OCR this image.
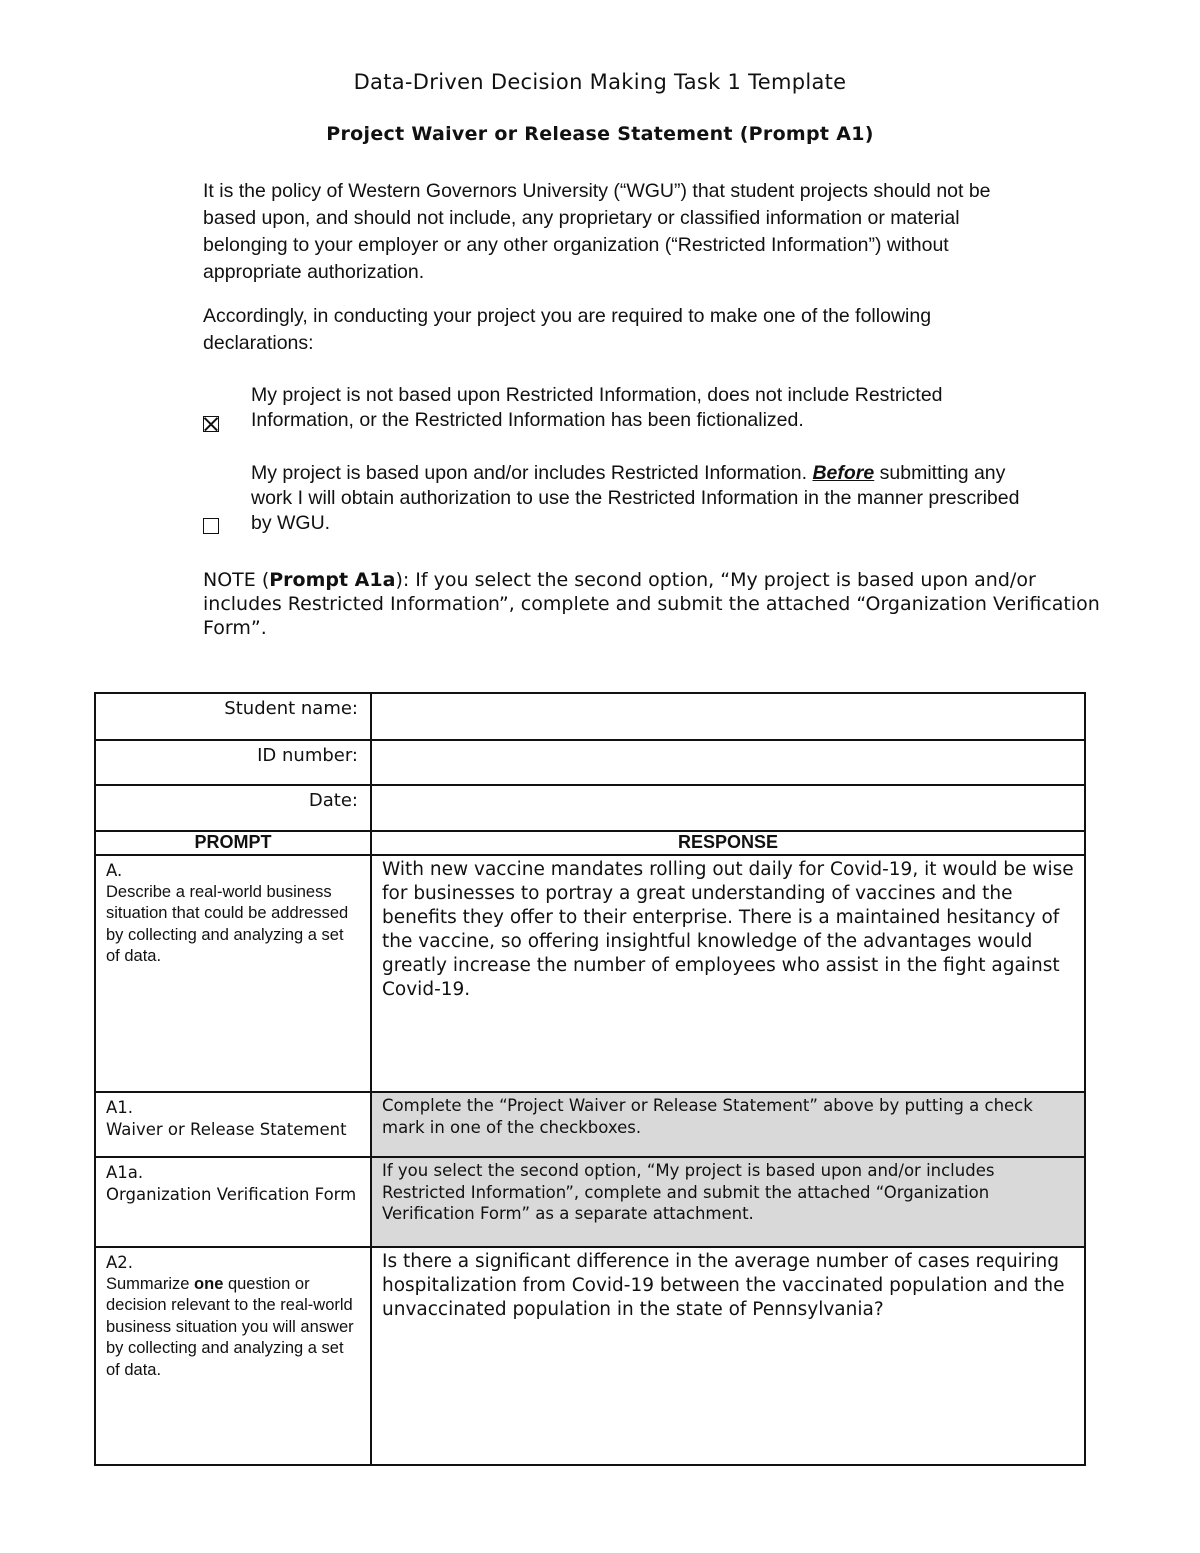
Data-Driven Decision Making Task 1 Template
Project Waiver or Release Statement (Prompt A1)

It is the policy of Western Governors University (“WGU”) that student projects should not be based upon, and should not include, any proprietary or classified information or material belonging to your employer or any other organization (“Restricted Information”) without appropriate authorization.

Accordingly, in conducting your project you are required to make one of the following declarations:

My project is not based upon Restricted Information, does not include Restricted Information, or the Restricted Information has been fictionalized.

My project is based upon and/or includes Restricted Information. Before submitting any work I will obtain authorization to use the Restricted Information in the manner prescribed by WGU.

NOTE (Prompt A1a): If you select the second option, “My project is based upon and/or includes Restricted Information”, complete and submit the attached “Organization Verification Form”.

Student name:	
ID number:	
Date:	
PROMPT	RESPONSE

A.
Describe a real-world business situation that could be addressed by collecting and analyzing a set of data.	With new vaccine mandates rolling out daily for Covid-19, it would be wise for businesses to portray a great understanding of vaccines and the benefits they offer to their enterprise. There is a maintained hesitancy of the vaccine, so offering insightful knowledge of the advantages would greatly increase the number of employees who assist in the fight against Covid-19.

A1.
Waiver or Release Statement	Complete the “Project Waiver or Release Statement” above by putting a check mark in one of the checkboxes.

A1a.
Organization Verification Form	If you select the second option, “My project is based upon and/or includes Restricted Information”, complete and submit the attached “Organization Verification Form” as a separate attachment.

A2.
Summarize one question or decision relevant to the real-world business situation you will answer by collecting and analyzing a set of data.	Is there a significant difference in the average number of cases requiring hospitalization from Covid-19 between the vaccinated population and the unvaccinated population in the state of Pennsylvania?
